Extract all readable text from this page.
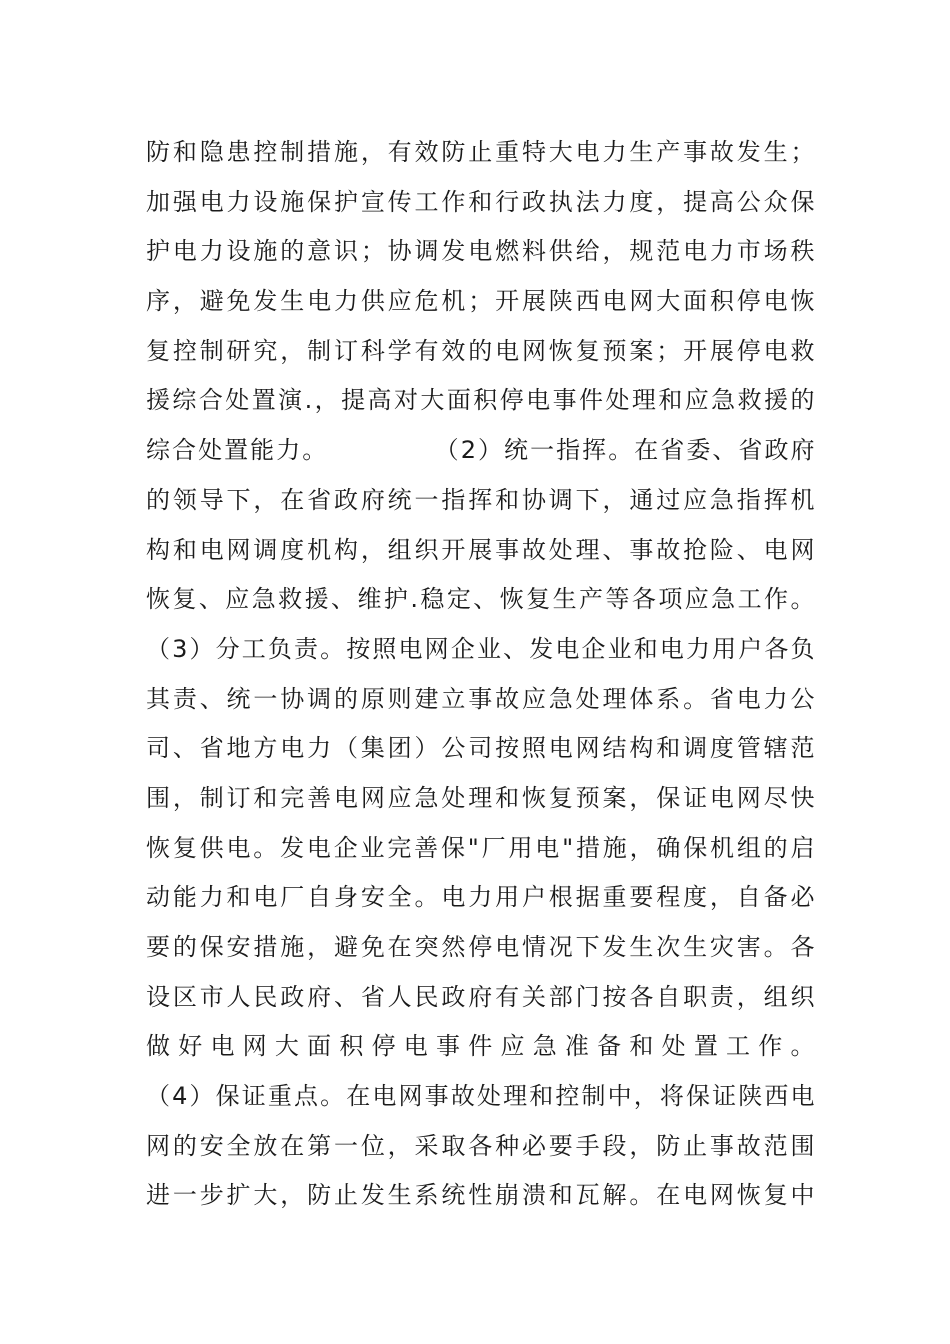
防和隐患控制措施，有效防止重特大电力生产事故发生；
加强电力设施保护宣传工作和行政执法力度，提高公众保
护电力设施的意识；协调发电燃料供给，规范电力市场秩
序，避免发生电力供应危机；开展陕西电网大面积停电恢
复控制研究，制订科学有效的电网恢复预案；开展停电救
援综合处置演.，提高对大面积停电事件处理和应急救援的
综合处置能力。           （2）统一指挥。在省委、省政府
的领导下，在省政府统一指挥和协调下，通过应急指挥机
构和电网调度机构，组织开展事故处理、事故抢险、电网
恢复、应急救援、维护.稳定、恢复生产等各项应急工作。
（3）分工负责。按照电网企业、发电企业和电力用户各负
其责、统一协调的原则建立事故应急处理体系。省电力公
司、省地方电力（集团）公司按照电网结构和调度管辖范
围，制订和完善电网应急处理和恢复预案，保证电网尽快
恢复供电。发电企业完善保"厂用电"措施，确保机组的启
动能力和电厂自身安全。电力用户根据重要程度，自备必
要的保安措施，避免在突然停电情况下发生次生灾害。各
设区市人民政府、省人民政府有关部门按各自职责，组织
做好电网大面积停电事件应急准备和处置工作。
（4）保证重点。在电网事故处理和控制中，将保证陕西电
网的安全放在第一位，采取各种必要手段，防止事故范围
进一步扩大，防止发生系统性崩溃和瓦解。在电网恢复中
